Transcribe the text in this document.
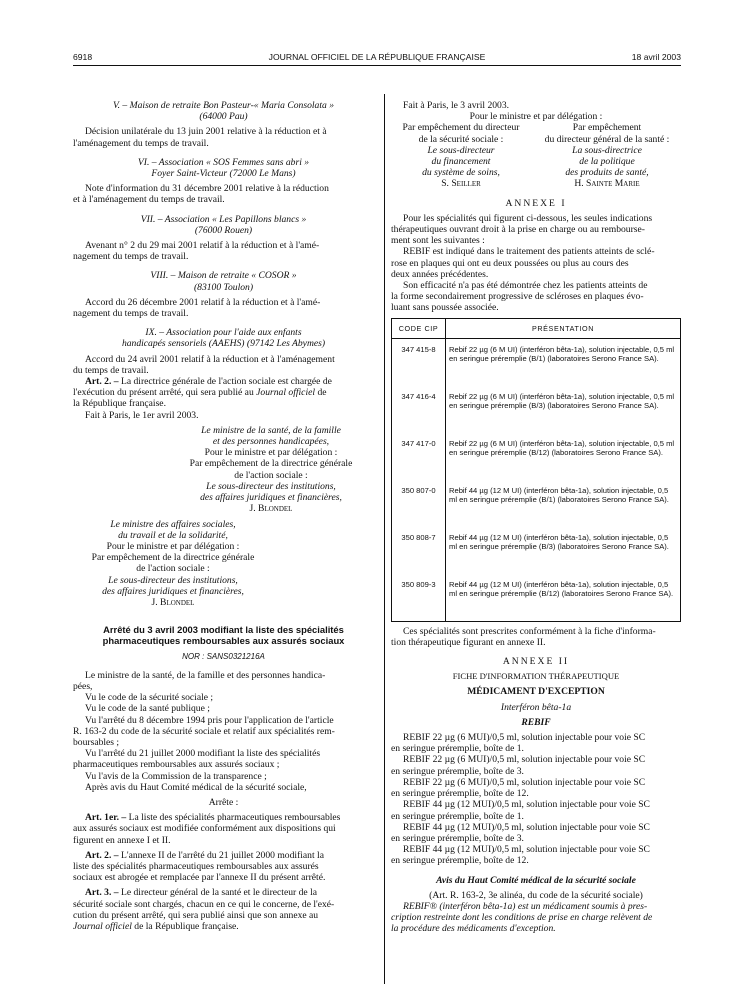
6918	JOURNAL OFFICIEL DE LA RÉPUBLIQUE FRANÇAISE	18 avril 2003

V. – Maison de retraite Bon Pasteur-« Maria Consolata »

(64000 Pau)

Décision unilatérale du 13 juin 2001 relative à la réduction et à

l'aménagement du temps de travail.

VI. – Association « SOS Femmes sans abri »

Foyer Saint-Victeur (72000 Le Mans)

Note d'information du 31 décembre 2001 relative à la réduction

et à l'aménagement du temps de travail.

VII. – Association « Les Papillons blancs »

(76000 Rouen)

Avenant n° 2 du 29 mai 2001 relatif à la réduction et à l'amé-

nagement du temps de travail.

VIII. – Maison de retraite « COSOR »

(83100 Toulon)

Accord du 26 décembre 2001 relatif à la réduction et à l'amé-

nagement du temps de travail.

IX. – Association pour l'aide aux enfants

handicapés sensoriels (AAEHS) (97142 Les Abymes)

Accord du 24 avril 2001 relatif à la réduction et à l'aménagement

du temps de travail.

Art. 2. – La directrice générale de l'action sociale est chargée de

l'exécution du présent arrêté, qui sera publié au Journal officiel de

la République française.

Fait à Paris, le 1er avril 2003.

Le ministre de la santé, de la famille

et des personnes handicapées,

Pour le ministre et par délégation :

Par empêchement de la directrice générale

de l'action sociale :

Le sous-directeur des institutions,

des affaires juridiques et financières,

J. Blondel

Le ministre des affaires sociales,

du travail et de la solidarité,

Pour le ministre et par délégation :

Par empêchement de la directrice générale

de l'action sociale :

Le sous-directeur des institutions,

des affaires juridiques et financières,

J. Blondel

Arrêté du 3 avril 2003 modifiant la liste des spécialités

pharmaceutiques remboursables aux assurés sociaux

NOR : SANS0321216A

Le ministre de la santé, de la famille et des personnes handica-

pées,

Vu le code de la sécurité sociale ;

Vu le code de la santé publique ;

Vu l'arrêté du 8 décembre 1994 pris pour l'application de l'article

R. 163-2 du code de la sécurité sociale et relatif aux spécialités rem-

boursables ;

Vu l'arrêté du 21 juillet 2000 modifiant la liste des spécialités

pharmaceutiques remboursables aux assurés sociaux ;

Vu l'avis de la Commission de la transparence ;

Après avis du Haut Comité médical de la sécurité sociale,

Arrête :

Art. 1er. – La liste des spécialités pharmaceutiques remboursables

aux assurés sociaux est modifiée conformément aux dispositions qui

figurent en annexe I et II.

Art. 2. – L'annexe II de l'arrêté du 21 juillet 2000 modifiant la

liste des spécialités pharmaceutiques remboursables aux assurés

sociaux est abrogée et remplacée par l'annexe II du présent arrêté.

Art. 3. – Le directeur général de la santé et le directeur de la

sécurité sociale sont chargés, chacun en ce qui le concerne, de l'exé-

cution du présent arrêté, qui sera publié ainsi que son annexe au

Journal officiel de la République française.

Fait à Paris, le 3 avril 2003.

Pour le ministre et par délégation :

Par empêchement du directeur

de la sécurité sociale :

Le sous-directeur

du financement

du système de soins,

S. Seiller

Par empêchement

du directeur général de la santé :

La sous-directrice

de la politique

des produits de santé,

H. Sainte Marie

ANNEXE I

Pour les spécialités qui figurent ci-dessous, les seules indications

thérapeutiques ouvrant droit à la prise en charge ou au rembourse-

ment sont les suivantes :

REBIF est indiqué dans le traitement des patients atteints de sclé-

rose en plaques qui ont eu deux poussées ou plus au cours des

deux années précédentes.

Son efficacité n'a pas été démontrée chez les patients atteints de

la forme secondairement progressive de scléroses en plaques évo-

luant sans poussée associée.

CODE CIP	PRÉSENTATION
347 415-8	Rebif 22 µg (6 M UI) (interféron bêta-1a), solution injectable, 0,5 ml en seringue préremplie (B/1) (laboratoires Serono France SA).
347 416-4	Rebif 22 µg (6 M UI) (interféron bêta-1a), solution injectable, 0,5 ml en seringue préremplie (B/3) (laboratoires Serono France SA).
347 417-0	Rebif 22 µg (6 M UI) (interféron bêta-1a), solution injectable, 0,5 ml en seringue préremplie (B/12) (laboratoires Serono France SA).
350 807-0	Rebif 44 µg (12 M UI) (interféron bêta-1a), solution injectable, 0,5 ml en seringue préremplie (B/1) (laboratoires Serono France SA).
350 808-7	Rebif 44 µg (12 M UI) (interféron bêta-1a), solution injectable, 0,5 ml en seringue préremplie (B/3) (laboratoires Serono France SA).
350 809-3	Rebif 44 µg (12 M UI) (interféron bêta-1a), solution injectable, 0,5 ml en seringue préremplie (B/12) (laboratoires Serono France SA).

Ces spécialités sont prescrites conformément à la fiche d'informa-

tion thérapeutique figurant en annexe II.

ANNEXE II

FICHE D'INFORMATION THÉRAPEUTIQUE

MÉDICAMENT D'EXCEPTION

Interféron bêta-1a

REBIF

REBIF 22 µg (6 MUI)/0,5 ml, solution injectable pour voie SC

en seringue préremplie, boîte de 1.

REBIF 22 µg (6 MUI)/0,5 ml, solution injectable pour voie SC

en seringue préremplie, boîte de 3.

REBIF 22 µg (6 MUI)/0,5 ml, solution injectable pour voie SC

en seringue préremplie, boîte de 12.

REBIF 44 µg (12 MUI)/0,5 ml, solution injectable pour voie SC

en seringue préremplie, boîte de 1.

REBIF 44 µg (12 MUI)/0,5 ml, solution injectable pour voie SC

en seringue préremplie, boîte de 3.

REBIF 44 µg (12 MUI)/0,5 ml, solution injectable pour voie SC

en seringue préremplie, boîte de 12.

Avis du Haut Comité médical de la sécurité sociale

(Art. R. 163-2, 3e alinéa, du code de la sécurité sociale)

REBIF® (interféron bêta-1a) est un médicament soumis à pres-

cription restreinte dont les conditions de prise en charge relèvent de

la procédure des médicaments d'exception.
